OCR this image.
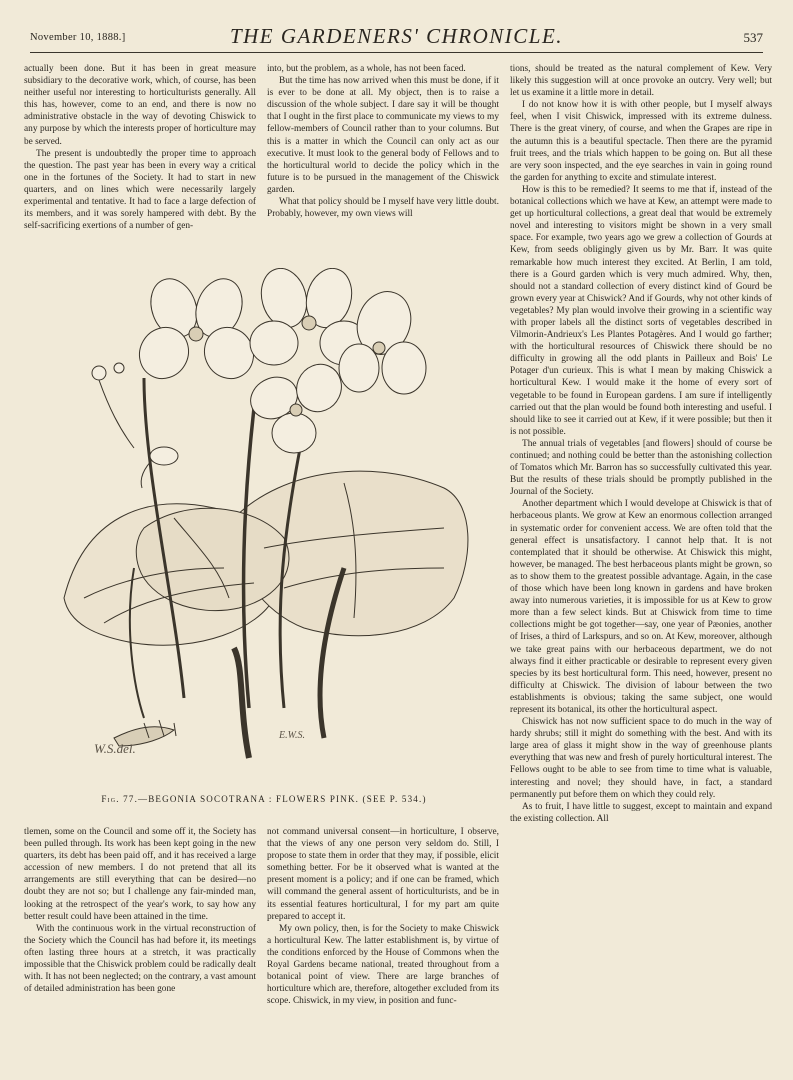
November 10, 1888.]	THE GARDENERS' CHRONICLE.	537

actually been done. But it has been in great measure subsidiary to the decorative work, which, of course, has been neither useful nor interesting to horticulturists generally. All this has, however, come to an end, and there is now no administrative obstacle in the way of devoting Chiswick to any purpose by which the interests proper of horticulture may be served.

The present is undoubtedly the proper time to approach the question. The past year has been in every way a critical one in the fortunes of the Society. It had to start in new quarters, and on lines which were necessarily largely experimental and tentative. It had to face a large defection of its members, and it was sorely hampered with debt. By the self-sacrificing exertions of a number of gen-

into, but the problem, as a whole, has not been faced.

But the time has now arrived when this must be done, if it is ever to be done at all. My object, then is to raise a discussion of the whole subject. I dare say it will be thought that I ought in the first place to communicate my views to my fellow-members of Council rather than to your columns. But this is a matter in which the Council can only act as our executive. It must look to the general body of Fellows and to the horticultural world to decide the policy which in the future is to be pursued in the management of the Chiswick garden.

What that policy should be I myself have very little doubt. Probably, however, my own views will

tions, should be treated as the natural complement of Kew. Very likely this suggestion will at once provoke an outcry. Very well; but let us examine it a little more in detail.

I do not know how it is with other people, but I myself always feel, when I visit Chiswick, impressed with its extreme dulness. There is the great vinery, of course, and when the Grapes are ripe in the autumn this is a beautiful spectacle. Then there are the pyramid fruit trees, and the trials which happen to be going on. But all these are very soon inspected, and the eye searches in vain in going round the garden for anything to excite and stimulate interest.

How is this to be remedied? It seems to me that if, instead of the botanical collections which we have at Kew, an attempt were made to get up horticultural collections, a great deal that would be extremely novel and interesting to visitors might be shown in a very small space. For example, two years ago we grew a collection of Gourds at Kew, from seeds obligingly given us by Mr. Barr. It was quite remarkable how much interest they excited. At Berlin, I am told, there is a Gourd garden which is very much admired. Why, then, should not a standard collection of every distinct kind of Gourd be grown every year at Chiswick? And if Gourds, why not other kinds of vegetables? My plan would involve their growing in a scientific way with proper labels all the distinct sorts of vegetables described in Vilmorin-Andrieux's Les Plantes Potagères. And I would go farther; with the horticultural resources of Chiswick there should be no difficulty in growing all the odd plants in Pailleux and Bois' Le Potager d'un curieux. This is what I mean by making Chiswick a horticultural Kew. I would make it the home of every sort of vegetable to be found in European gardens. I am sure if intelligently carried out that the plan would be found both interesting and useful. I should like to see it carried out at Kew, if it were possible; but then it is not possible.

The annual trials of vegetables [and flowers] should of course be continued; and nothing could be better than the astonishing collection of Tomatos which Mr. Barron has so successfully cultivated this year. But the results of these trials should be promptly published in the Journal of the Society.

Another department which I would develope at Chiswick is that of herbaceous plants. We grow at Kew an enormous collection arranged in systematic order for convenient access. We are often told that the general effect is unsatisfactory. I cannot help that. It is not contemplated that it should be otherwise. At Chiswick this might, however, be managed. The best herbaceous plants might be grown, so as to show them to the greatest possible advantage. Again, in the case of those which have been long known in gardens and have broken away into numerous varieties, it is impossible for us at Kew to grow more than a few select kinds. But at Chiswick from time to time collections might be got together—say, one year of Pæonies, another of Irises, a third of Larkspurs, and so on. At Kew, moreover, although we take great pains with our herbaceous department, we do not always find it either practicable or desirable to represent every given species by its best horticultural form. This need, however, present no difficulty at Chiswick. The division of labour between the two establishments is obvious; taking the same subject, one would represent its botanical, its other the horticultural aspect.

Chiswick has not now sufficient space to do much in the way of hardy shrubs; still it might do something with the best. And with its large area of glass it might show in the way of greenhouse plants everything that was new and fresh of purely horticultural interest. The Fellows ought to be able to see from time to time what is valuable, interesting and novel; they should have, in fact, a standard permanently put before them on which they could rely.

As to fruit, I have little to suggest, except to maintain and expand the existing collection. All

W.S.del.
E.W.S.
Fig. 77.—BEGONIA SOCOTRANA : FLOWERS PINK. (SEE P. 534.)

tlemen, some on the Council and some off it, the Society has been pulled through. Its work has been kept going in the new quarters, its debt has been paid off, and it has received a large accession of new members. I do not pretend that all its arrangements are still everything that can be desired—no doubt they are not so; but I challenge any fair-minded man, looking at the retrospect of the year's work, to say how any better result could have been attained in the time.

With the continuous work in the virtual reconstruction of the Society which the Council has had before it, its meetings often lasting three hours at a stretch, it was practically impossible that the Chiswick problem could be radically dealt with. It has not been neglected; on the contrary, a vast amount of detailed administration has been gone

not command universal consent—in horticulture, I observe, that the views of any one person very seldom do. Still, I propose to state them in order that they may, if possible, elicit something better. For be it observed what is wanted at the present moment is a policy; and if one can be framed, which will command the general assent of horticulturists, and be in its essential features horticultural, I for my part am quite prepared to accept it.

My own policy, then, is for the Society to make Chiswick a horticultural Kew. The latter establishment is, by virtue of the conditions enforced by the House of Commons when the Royal Gardens became national, treated throughout from a botanical point of view. There are large branches of horticulture which are, therefore, altogether excluded from its scope. Chiswick, in my view, in position and func-
